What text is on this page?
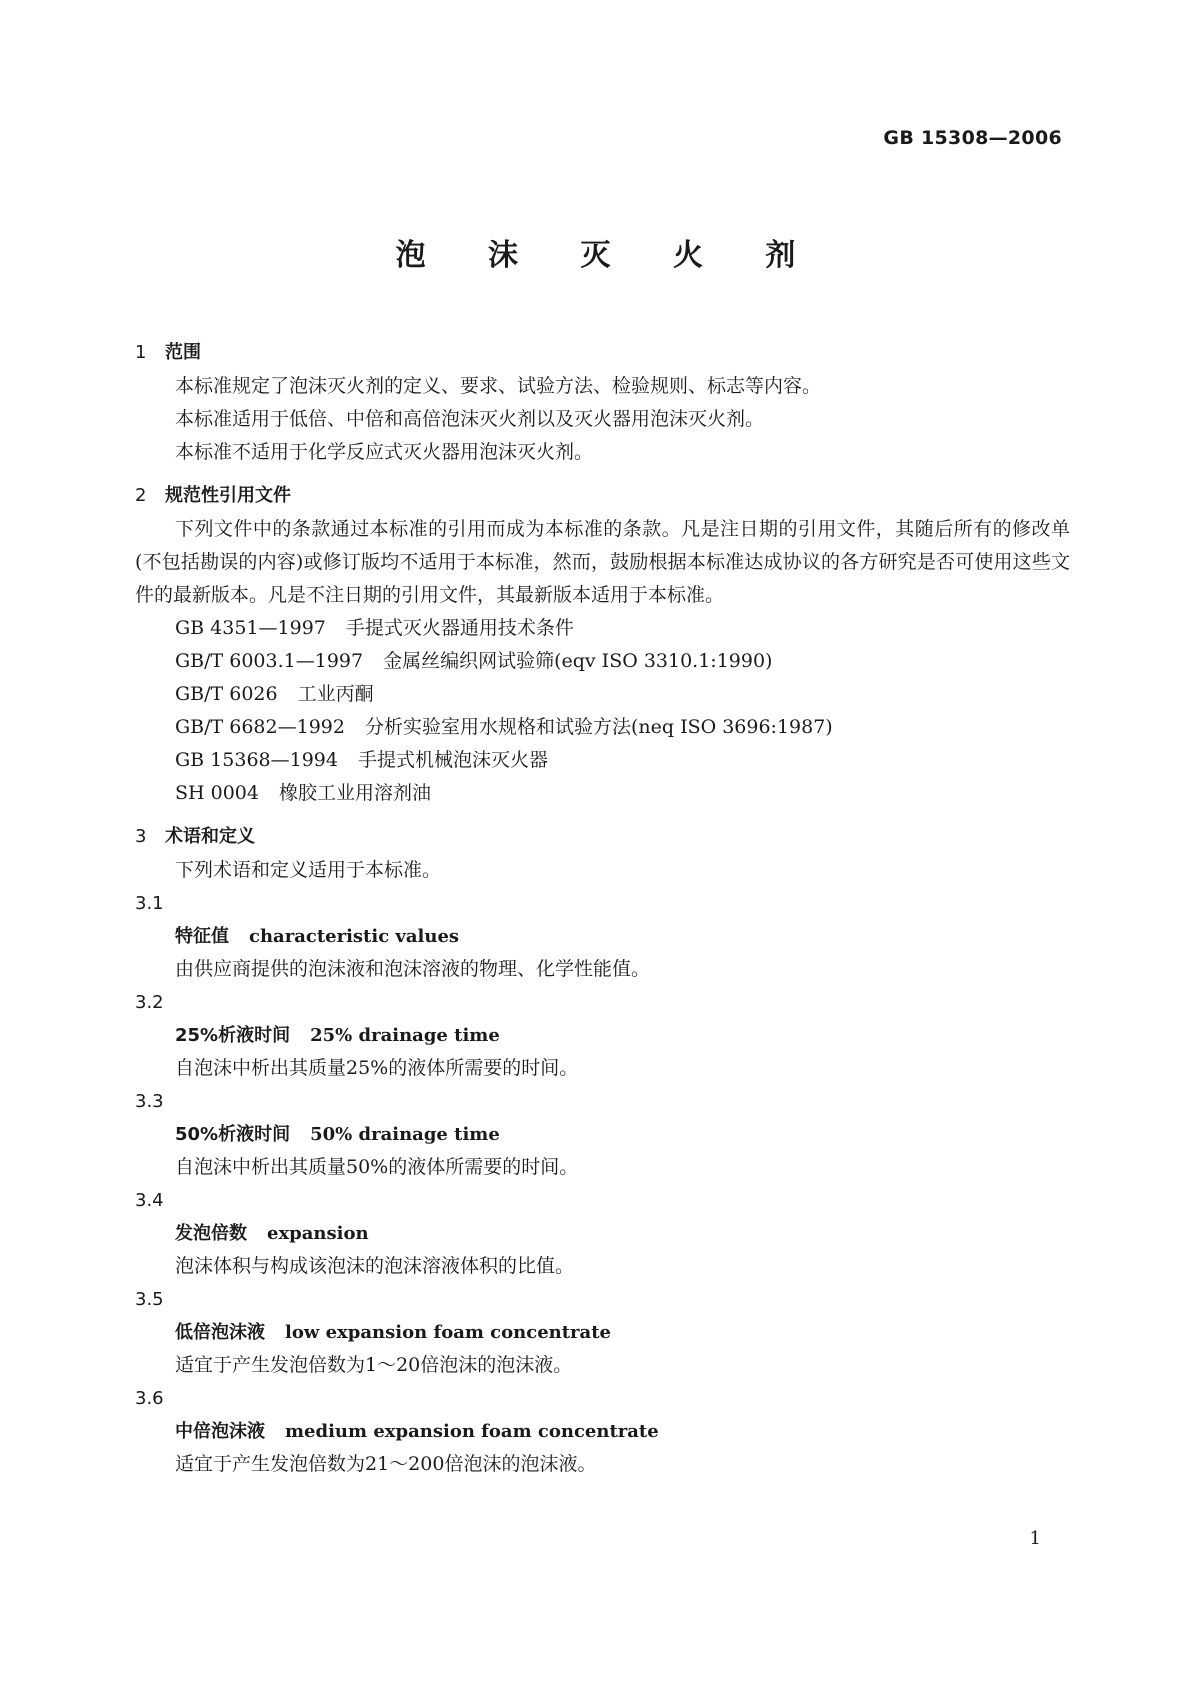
GB 15308—2006
泡 沫 灭 火 剂
1 范围
本标准规定了泡沫灭火剂的定义、要求、试验方法、检验规则、标志等内容。
本标准适用于低倍、中倍和高倍泡沫灭火剂以及灭火器用泡沫灭火剂。
本标准不适用于化学反应式灭火器用泡沫灭火剂。
2 规范性引用文件
下列文件中的条款通过本标准的引用而成为本标准的条款。凡是注日期的引用文件，其随后所有的修改单(不包括勘误的内容)或修订版均不适用于本标准，然而，鼓励根据本标准达成协议的各方研究是否可使用这些文件的最新版本。凡是不注日期的引用文件，其最新版本适用于本标准。
GB 4351—1997 手提式灭火器通用技术条件
GB/T 6003.1—1997 金属丝编织网试验筛(eqv ISO 3310.1:1990)
GB/T 6026 工业丙酮
GB/T 6682—1992 分析实验室用水规格和试验方法(neq ISO 3696:1987)
GB 15368—1994 手提式机械泡沫灭火器
SH 0004 橡胶工业用溶剂油
3 术语和定义
下列术语和定义适用于本标准。
3.1
特征值 characteristic values
由供应商提供的泡沫液和泡沫溶液的物理、化学性能值。
3.2
25%析液时间 25% drainage time
自泡沫中析出其质量25%的液体所需要的时间。
3.3
50%析液时间 50% drainage time
自泡沫中析出其质量50%的液体所需要的时间。
3.4
发泡倍数 expansion
泡沫体积与构成该泡沫的泡沫溶液体积的比值。
3.5
低倍泡沫液 low expansion foam concentrate
适宜于产生发泡倍数为1～20倍泡沫的泡沫液。
3.6
中倍泡沫液 medium expansion foam concentrate
适宜于产生发泡倍数为21～200倍泡沫的泡沫液。
1
